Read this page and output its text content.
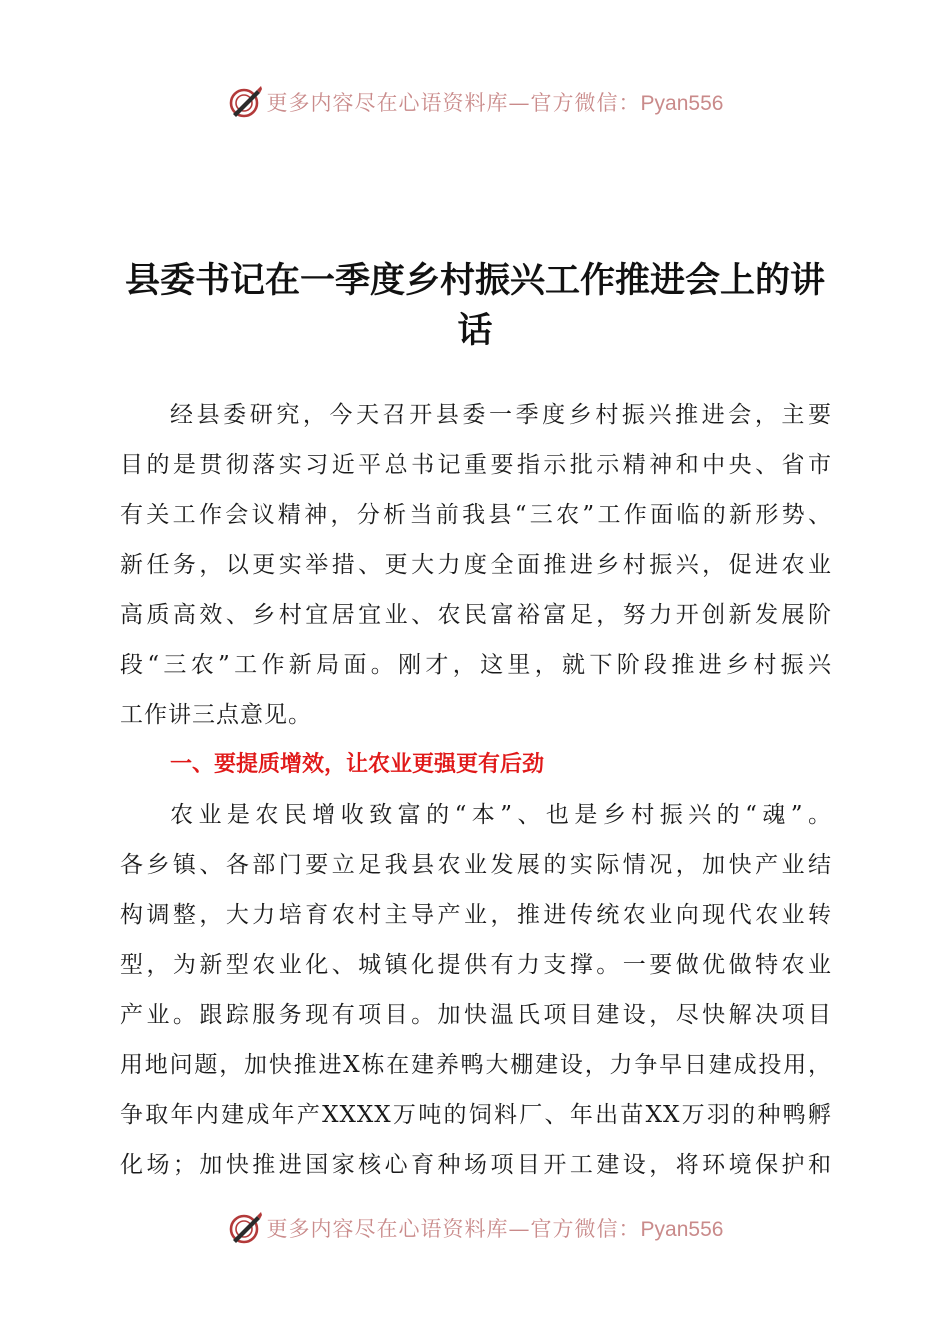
更多内容尽在心语资料库—官方微信：Pyan556
县委书记在一季度乡村振兴工作推进会上的讲
话
经县委研究，今天召开县委一季度乡村振兴推进会，主要
目的是贯彻落实习近平总书记重要指示批示精神和中央、省市
有关工作会议精神，分析当前我县“三农”工作面临的新形势、
新任务，以更实举措、更大力度全面推进乡村振兴，促进农业
高质高效、乡村宜居宜业、农民富裕富足，努力开创新发展阶
段“三农”工作新局面。刚才，这里，就下阶段推进乡村振兴
工作讲三点意见。
一、要提质增效，让农业更强更有后劲
农业是农民增收致富的“本”、也是乡村振兴的“魂”。
各乡镇、各部门要立足我县农业发展的实际情况，加快产业结
构调整，大力培育农村主导产业，推进传统农业向现代农业转
型，为新型农业化、城镇化提供有力支撑。一要做优做特农业
产业。跟踪服务现有项目。加快温氏项目建设，尽快解决项目
用地问题，加快推进X栋在建养鸭大棚建设，力争早日建成投用，
争取年内建成年产XXXX万吨的饲料厂、年出苗XX万羽的种鸭孵
化场；加快推进国家核心育种场项目开工建设，将环境保护和
更多内容尽在心语资料库—官方微信：Pyan556
